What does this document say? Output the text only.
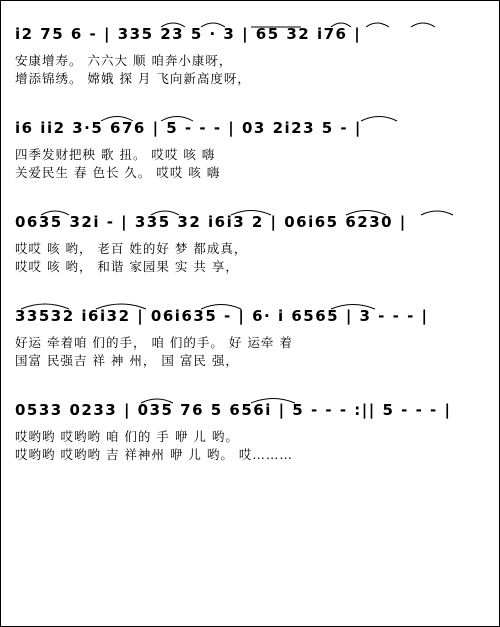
i2 75 6 - | 335 23 5 · 3 | 65 32 i76 |
安康增寿。 六六大 顺 咱奔小康呀，
增添锦绣。 嫦娥 探 月 飞向新高度呀，
i6 ii2 3·5 676 | 5 - - - | 03 2i23 5 - |
四季发财把秧 歌 扭。 哎哎 咳 嗨
关爱民生 春 色长 久。 哎哎 咳 嗨
0635 32i - | 335 32 i6i3 2 | 06i65 6230 |
哎哎 咳 哟， 老百 姓的好 梦 都成真，
哎哎 咳 哟， 和谐 家园果 实 共 享，
33532 i6i32 | 06i635 - | 6· i 6565 | 3 - - - |
好运 牵着咱 们的手， 咱 们的手。 好 运牵 着
国富 民强吉 祥 神 州， 国 富民 强，
0533 0233 | 035 76 5 656i | 5 - - - :|| 5 - - - |
哎哟哟 哎哟哟 咱 们的 手 咿 儿 哟。
哎哟哟 哎哟哟 吉 祥神州 咿 儿 哟。 哎………
